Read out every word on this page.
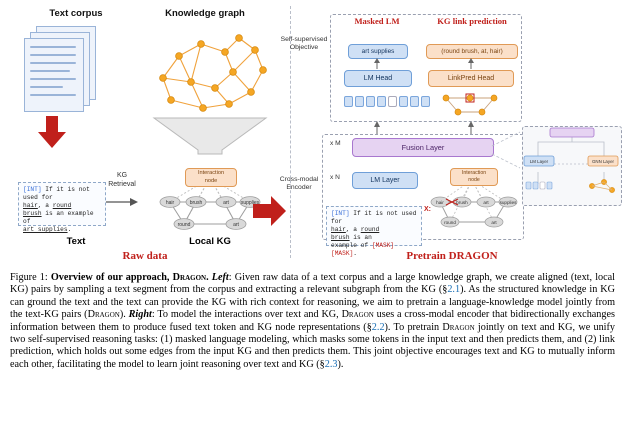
Text corpus	Knowledge graph
KG
Retrieval
[INT] If it is not used for
hair, a round
brush is an example of
art supplies.
hair	brush	art supplies
round	art
Interaction
node
Text	Local KG
Raw data
Self-supervised
Objective
Masked LM	KG link prediction
art supplies	(round brush, at, hair)
LM Head	LinkPred Head
Cross-modal
Encoder
x M	Fusion Layer
x N	LM Layer
hair	brush	art supplies
round	art
Interaction
node
X:
[INT] If it is not used for
hair, a round
brush is an
example of [MASK] [MASK].
LM Layer	GNN Layer
Pretrain DRAGON
Figure 1: Overview of our approach, Dragon. Left: Given raw data of a text corpus and a large knowledge graph, we create aligned (text, local KG) pairs by sampling a text segment from the corpus and extracting a relevant subgraph from the KG (§2.1). As the structured knowledge in KG can ground the text and the text can provide the KG with rich context for reasoning, we aim to pretrain a language-knowledge model jointly from the text-KG pairs (Dragon). Right: To model the interactions over text and KG, Dragon uses a cross-modal encoder that bidirectionally exchanges information between them to produce fused text token and KG node representations (§2.2). To pretrain Dragon jointly on text and KG, we unify two self-supervised reasoning tasks: (1) masked language modeling, which masks some tokens in the input text and then predicts them, and (2) link prediction, which holds out some edges from the input KG and then predicts them. This joint objective encourages text and KG to mutually inform each other, facilitating the model to learn joint reasoning over text and KG (§2.3).
